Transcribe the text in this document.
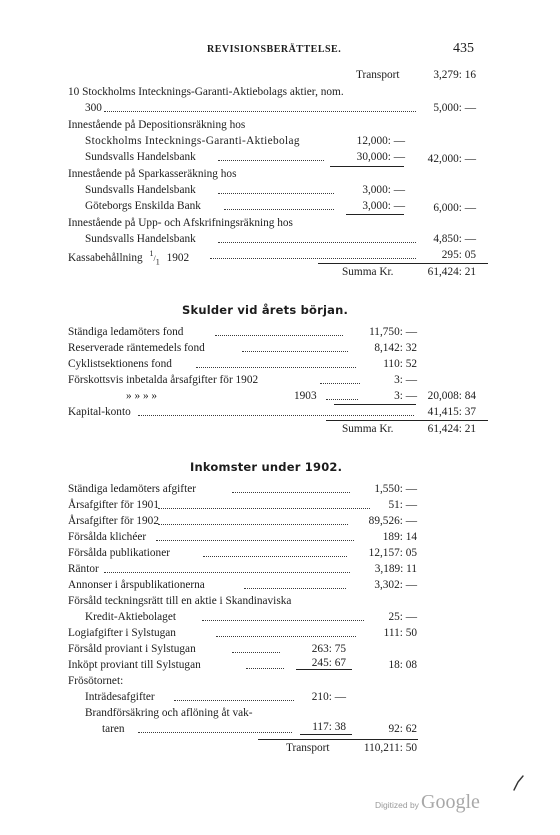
REVISIONSBERÄTTELSE.	435
Transport	3,279: 16
10 Stockholms Intecknings-Garanti-Aktiebolags aktier, nom.
300	5,000: —
Innestående på Depositionsräkning hos
Stockholms Intecknings-Garanti-Aktiebolag	12,000: —
Sundsvalls Handelsbank	30,000: — 42,000: —
Innestående på Sparkasseräkning hos
Sundsvalls Handelsbank	3,000: —
Göteborgs Enskilda Bank	3,000: —	6,000: —
Innestående på Upp- och Afskrifningsräkning hos
Sundsvalls Handelsbank	4,850: —
Kassabehållning $^1/_1$ 1902	295: 05
Summa Kr.	61,424: 21
Skulder vid årets början.
Ständiga ledamöters fond	11,750: —
Reserverade räntemedels fond	8,142: 32
Cyklistsektionens fond	110: 52
Förskottsvis inbetalda årsafgifter för 1902	3: —
» » » »	1903	3: — 20,008: 84
Kapital-konto	41,415: 37
Summa Kr.	61,424: 21
Inkomster under 1902.
Ständiga ledamöters afgifter	1,550: —
Årsafgifter för 1901	51: —
Årsafgifter för 1902	89,526: —
Försålda klichéer	189: 14
Försålda publikationer	12,157: 05
Räntor	3,189: 11
Annonser i årspublikationerna	3,302: —
Försåld teckningsrätt till en aktie i Skandinaviska
Kredit-Aktiebolaget	25: —
Logiafgifter i Sylstugan	111: 50
Försåld proviant i Sylstugan	263: 75
Inköpt proviant till Sylstugan	245: 67	18: 08
Frösötornet:
Inträdesafgifter	210: —
Brandförsäkring och aflöning åt vak-
taren	117: 38	92: 62
Transport	110,211: 50
Digitized by Google
